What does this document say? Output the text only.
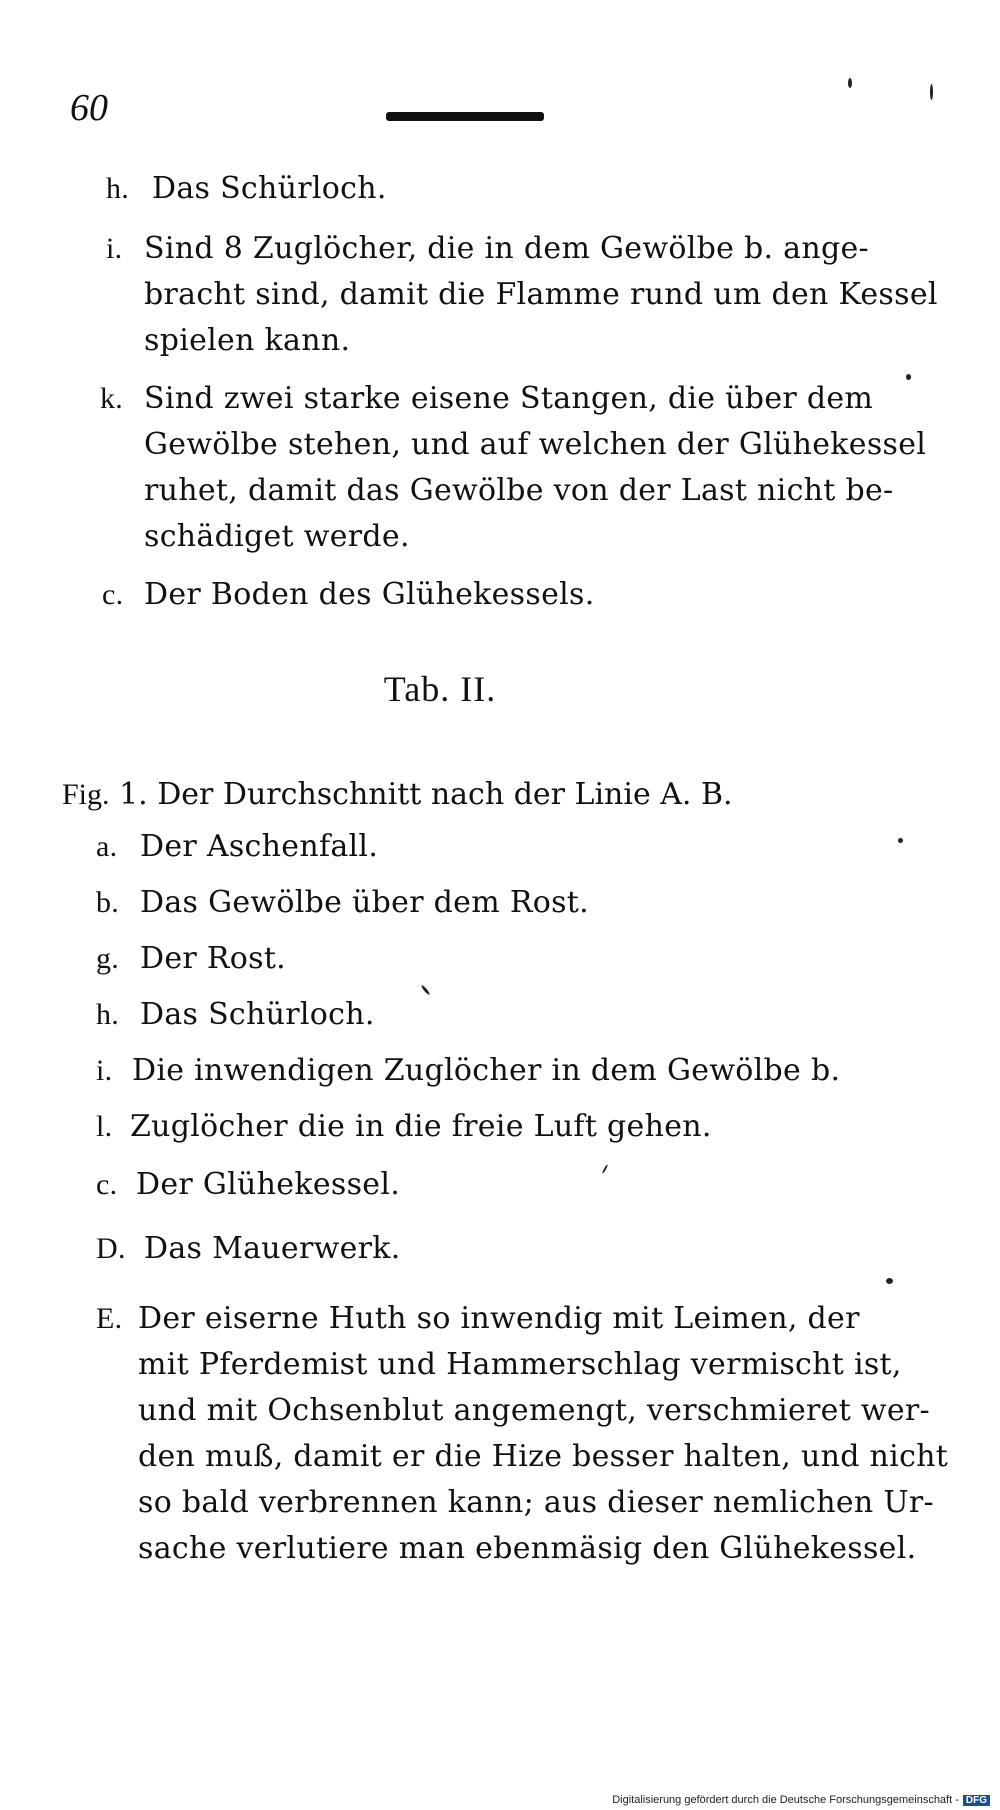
60
h. Das Schürloch.
i. Sind 8 Zuglöcher, die in dem Gewölbe b. ange-
bracht sind, damit die Flamme rund um den Kessel
spielen kann.
k. Sind zwei starke eisene Stangen, die über dem
Gewölbe stehen, und auf welchen der Glühekessel
ruhet, damit das Gewölbe von der Last nicht be-
schädiget werde.
c. Der Boden des Glühekessels.
Tab. II.
Fig. 1. Der Durchschnitt nach der Linie A. B.
a. Der Aschenfall.
b. Das Gewölbe über dem Rost.
g. Der Rost.
h. Das Schürloch.
i. Die inwendigen Zuglöcher in dem Gewölbe b.
l. Zuglöcher die in die freie Luft gehen.
c. Der Glühekessel.
D. Das Mauerwerk.
E. Der eiserne Huth so inwendig mit Leimen, der
mit Pferdemist und Hammerschlag vermischt ist,
und mit Ochsenblut angemengt, verschmieret wer-
den muß, damit er die Hize besser halten, und nicht
so bald verbrennen kann; aus dieser nemlichen Ur-
sache verlutiere man ebenmäsig den Glühekessel.
Digitalisierung gefördert durch die Deutsche Forschungsgemeinschaft - DFG
